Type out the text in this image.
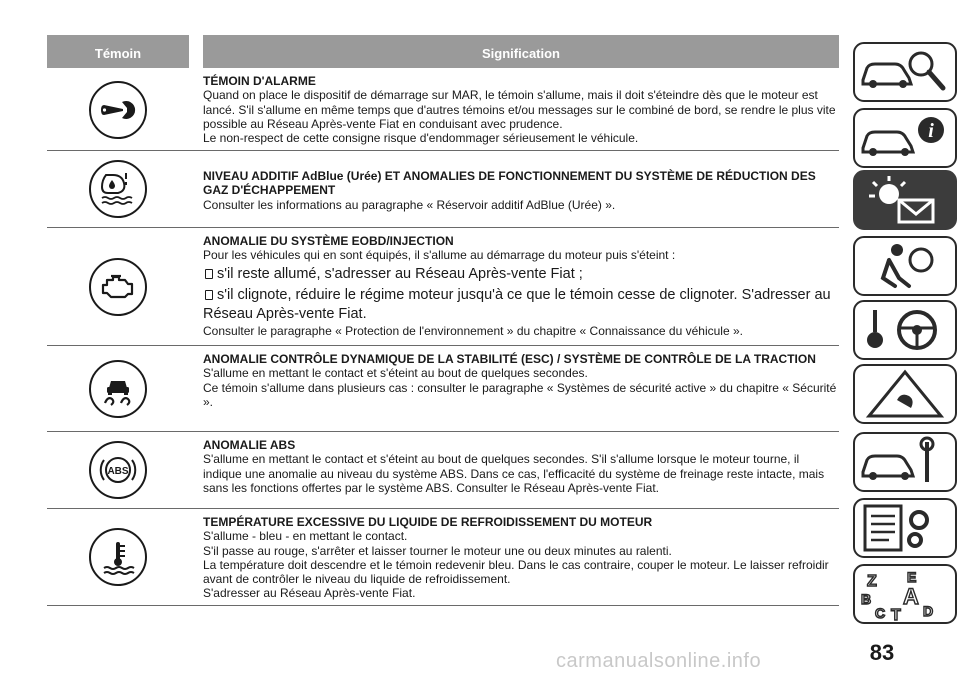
Témoin	Signification

TÉMOIN D'ALARME

Quand on place le dispositif de démarrage sur MAR, le témoin s'allume, mais il doit s'éteindre dès que le moteur est lancé. S'il s'allume en même temps que d'autres témoins et/ou messages sur le combiné de bord, se rendre le plus vite possible au Réseau Après-vente Fiat en conduisant avec prudence.

Le non-respect de cette consigne risque d'endommager sérieusement le véhicule.

NIVEAU ADDITIF AdBlue (Urée) ET ANOMALIES DE FONCTIONNEMENT DU SYSTÈME DE RÉDUCTION DES GAZ D'ÉCHAPPEMENT

Consulter les informations au paragraphe « Réservoir additif AdBlue (Urée) ».

ANOMALIE DU SYSTÈME EOBD/INJECTION

Pour les véhicules qui en sont équipés, il s'allume au démarrage du moteur puis s'éteint :

s'il reste allumé, s'adresser au Réseau Après-vente Fiat ;

s'il clignote, réduire le régime moteur jusqu'à ce que le témoin cesse de clignoter. S'adresser au Réseau Après-vente Fiat.

Consulter le paragraphe « Protection de l'environnement » du chapitre « Connaissance du véhicule ».

ANOMALIE CONTRÔLE DYNAMIQUE DE LA STABILITÉ (ESC) / SYSTÈME DE CONTRÔLE DE LA TRACTION

S'allume en mettant le contact et s'éteint au bout de quelques secondes.

Ce témoin s'allume dans plusieurs cas : consulter le paragraphe « Systèmes de sécurité active » du chapitre « Sécurité ».

ABS

ANOMALIE ABS

S'allume en mettant le contact et s'éteint au bout de quelques secondes. S'il s'allume lorsque le moteur tourne, il indique une anomalie au niveau du système ABS. Dans ce cas, l'efficacité du système de freinage reste intacte, mais sans les fonctions offertes par le système ABS. Consulter le Réseau Après-vente Fiat.

TEMPÉRATURE EXCESSIVE DU LIQUIDE DE REFROIDISSEMENT DU MOTEUR

S'allume - bleu - en mettant le contact.

S'il passe au rouge, s'arrêter et laisser tourner le moteur une ou deux minutes au ralenti.

La température doit descendre et le témoin redevenir bleu. Dans le cas contraire, couper le moteur. Le laisser refroidir avant de contrôler le niveau du liquide de refroidissement.

S'adresser au Réseau Après-vente Fiat.

i
Z E
B A
C T D
carmanualsonline.info	83
